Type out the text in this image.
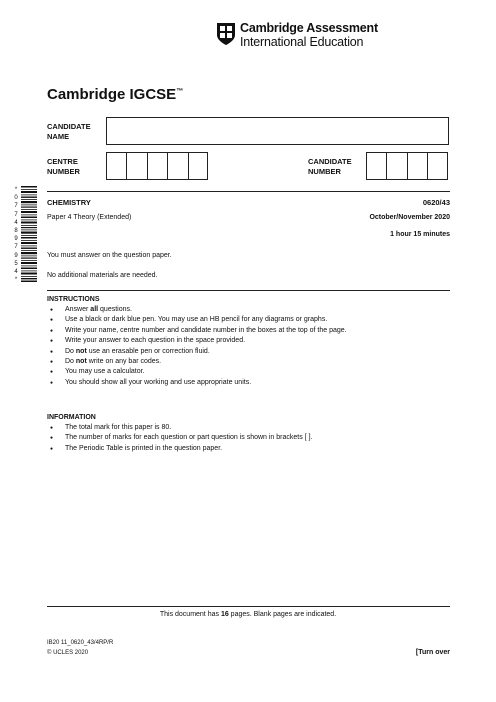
Cambridge Assessment
International Education
Cambridge IGCSE™
CANDIDATE
NAME
CENTRE
NUMBER
CANDIDATE
NUMBER
*
0
7
7
4
8
9
7
9
5
4
*
CHEMISTRY	0620/43
Paper 4 Theory (Extended)	October/November 2020
1 hour 15 minutes
You must answer on the question paper.
No additional materials are needed.
INSTRUCTIONS
● Answer all questions.
● Use a black or dark blue pen. You may use an HB pencil for any diagrams or graphs.
● Write your name, centre number and candidate number in the boxes at the top of the page.
● Write your answer to each question in the space provided.
● Do not use an erasable pen or correction fluid.
● Do not write on any bar codes.
● You may use a calculator.
● You should show all your working and use appropriate units.
INFORMATION
● The total mark for this paper is 80.
● The number of marks for each question or part question is shown in brackets [ ].
● The Periodic Table is printed in the question paper.
This document has 16 pages. Blank pages are indicated.
IB20 11_0620_43/4RP/R
© UCLES 2020	[Turn over
